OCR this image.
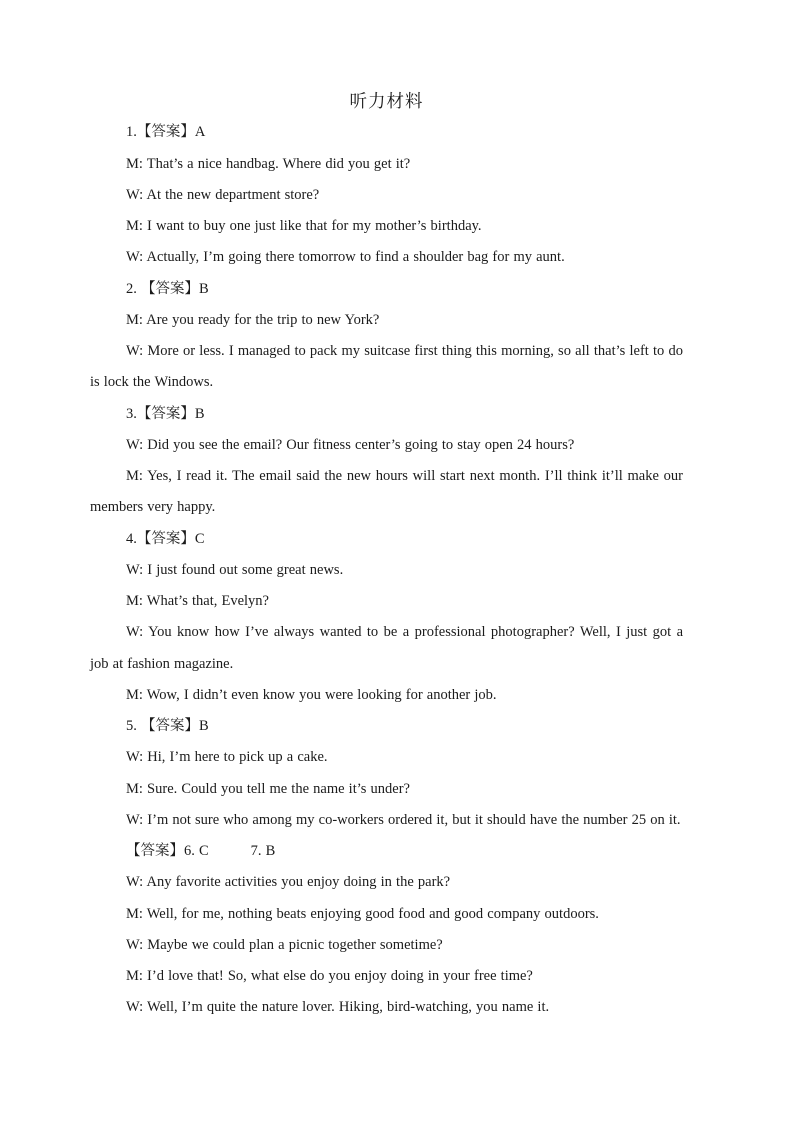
听力材料

1.【答案】A

M: That’s a nice handbag. Where did you get it?

W: At the new department store?

M: I want to buy one just like that for my mother’s birthday.

W: Actually, I’m going there tomorrow to find a shoulder bag for my aunt.

2. 【答案】B

M: Are you ready for the trip to new York?

W: More or less. I managed to pack my suitcase first thing this morning, so all that’s left to do is lock the Windows.

3.【答案】B

W: Did you see the email? Our fitness center’s going to stay open 24 hours?

M: Yes, I read it. The email said the new hours will start next month. I’ll think it’ll make our members very happy.

4.【答案】C

W: I just found out some great news.

M: What’s that, Evelyn?

W: You know how I’ve always wanted to be a professional photographer? Well, I just got a job at fashion magazine.

M: Wow, I didn’t even know you were looking for another job.

5. 【答案】B

W: Hi, I’m here to pick up a cake.

M: Sure. Could you tell me the name it’s under?

W: I’m not sure who among my co-workers ordered it, but it should have the number 25 on it.

【答案】6. C	7. B

W: Any favorite activities you enjoy doing in the park?

M: Well, for me, nothing beats enjoying good food and good company outdoors.

W: Maybe we could plan a picnic together sometime?

M: I’d love that! So, what else do you enjoy doing in your free time?

W: Well, I’m quite the nature lover. Hiking, bird-watching, you name it.
